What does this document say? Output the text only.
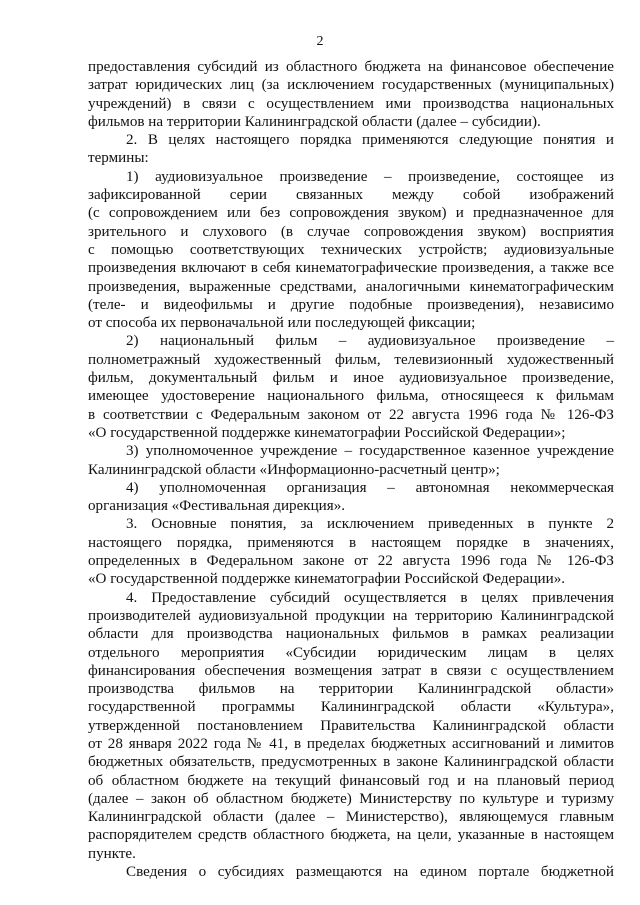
2
предоставления субсидий из областного бюджета на финансовое обеспечение
затрат юридических лиц (за исключением государственных (муниципальных)
учреждений) в связи с осуществлением ими производства национальных
фильмов на территории Калининградской области (далее – субсидии).
2. В целях настоящего порядка применяются следующие понятия и
термины:
1) аудиовизуальное произведение – произведение, состоящее из
зафиксированной серии связанных между собой изображений
(с сопровождением или без сопровождения звуком) и предназначенное для
зрительного и слухового (в случае сопровождения звуком) восприятия
с помощью соответствующих технических устройств; аудиовизуальные
произведения включают в себя кинематографические произведения, а также все
произведения, выраженные средствами, аналогичными кинематографическим
(теле- и видеофильмы и другие подобные произведения), независимо
от способа их первоначальной или последующей фиксации;
2) национальный фильм – аудиовизуальное произведение –
полнометражный художественный фильм, телевизионный художественный
фильм, документальный фильм и иное аудиовизуальное произведение,
имеющее удостоверение национального фильма, относящееся к фильмам
в соответствии с Федеральным законом от 22 августа 1996 года № 126-ФЗ
«О государственной поддержке кинематографии Российской Федерации»;
3) уполномоченное учреждение – государственное казенное учреждение
Калининградской области «Информационно-расчетный центр»;
4) уполномоченная организация – автономная некоммерческая
организация «Фестивальная дирекция».
3. Основные понятия, за исключением приведенных в пункте 2
настоящего порядка, применяются в настоящем порядке в значениях,
определенных в Федеральном законе от 22 августа 1996 года № 126-ФЗ
«О государственной поддержке кинематографии Российской Федерации».
4. Предоставление субсидий осуществляется в целях привлечения
производителей аудиовизуальной продукции на территорию Калининградской
области для производства национальных фильмов в рамках реализации
отдельного мероприятия «Субсидии юридическим лицам в целях
финансирования обеспечения возмещения затрат в связи с осуществлением
производства фильмов на территории Калининградской области»
государственной программы Калининградской области «Культура»,
утвержденной постановлением Правительства Калининградской области
от 28 января 2022 года № 41, в пределах бюджетных ассигнований и лимитов
бюджетных обязательств, предусмотренных в законе Калининградской области
об областном бюджете на текущий финансовый год и на плановый период
(далее – закон об областном бюджете) Министерству по культуре и туризму
Калининградской области (далее – Министерство), являющемуся главным
распорядителем средств областного бюджета, на цели, указанные в настоящем
пункте.
Сведения о субсидиях размещаются на едином портале бюджетной
